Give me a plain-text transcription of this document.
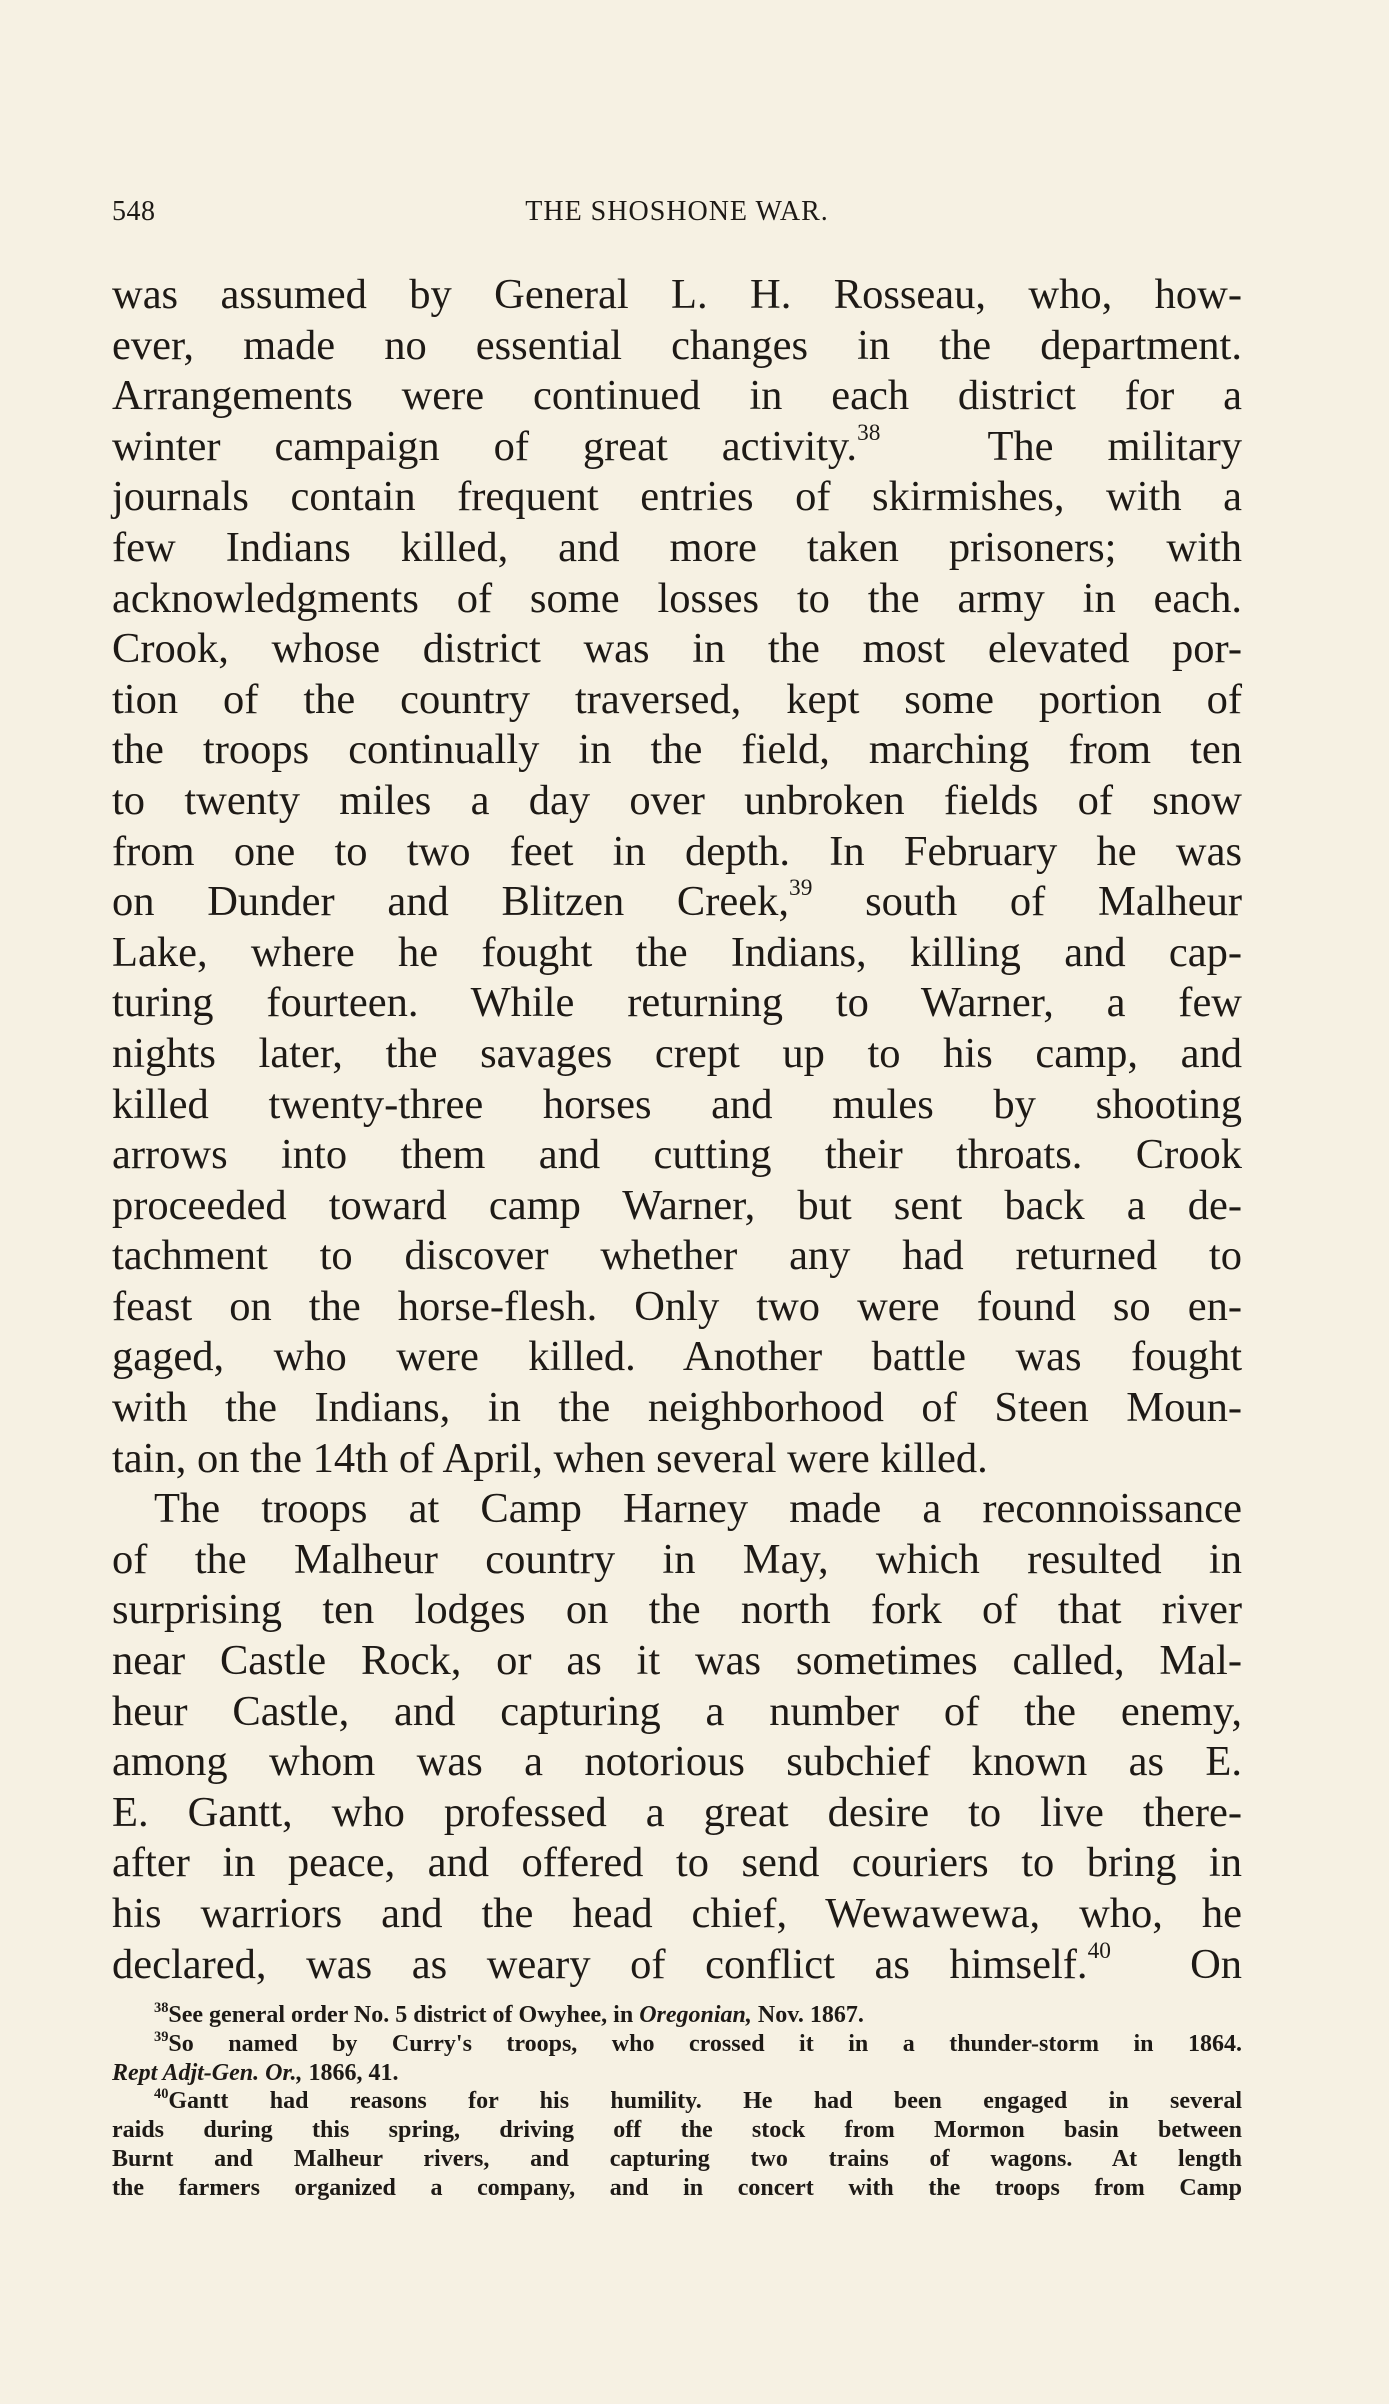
548	THE SHOSHONE WAR.
was assumed by General L. H. Rosseau, who, how-
ever, made no essential changes in the department.
Arrangements were continued in each district for a
winter campaign of great activity.$^{38}$	The military
journals contain frequent entries of skirmishes, with a
few Indians killed, and more taken prisoners; with
acknowledgments of some losses to the army in each.
Crook, whose district was in the most elevated por-
tion of the country traversed, kept some portion of
the troops continually in the field, marching from ten
to twenty miles a day over unbroken fields of snow
from one to two feet in depth. In February he was
on Dunder and Blitzen Creek,$^{39}$ south of Malheur
Lake, where he fought the Indians, killing and cap-
turing fourteen. While returning to Warner, a few
nights later, the savages crept up to his camp, and
killed twenty-three horses and mules by shooting
arrows into them and cutting their throats. Crook
proceeded toward camp Warner, but sent back a de-
tachment to discover whether any had returned to
feast on the horse-flesh. Only two were found so en-
gaged, who were killed. Another battle was fought
with the Indians, in the neighborhood of Steen Moun-
tain, on the 14th of April, when several were killed.
The troops at Camp Harney made a reconnoissance
of the Malheur country in May, which resulted in
surprising ten lodges on the north fork of that river
near Castle Rock, or as it was sometimes called, Mal-
heur Castle, and capturing a number of the enemy,
among whom was a notorious subchief known as E.
E. Gantt, who professed a great desire to live there-
after in peace, and offered to send couriers to bring in
his warriors and the head chief, Wewawewa, who, he
declared, was as weary of conflict as himself.$^{40}$ On
$^{38}$See general order No. 5 district of Owyhee, in Oregonian, Nov. 1867.
$^{39}$So named by Curry's troops, who crossed it in a thunder-storm in 1864.
Rept Adjt-Gen. Or., 1866, 41.
$^{40}$Gantt had reasons for his humility. He had been engaged in several
raids during this spring, driving off the stock from Mormon basin between
Burnt and Malheur rivers, and capturing two trains of wagons. At length
the farmers organized a company, and in concert with the troops from Camp
